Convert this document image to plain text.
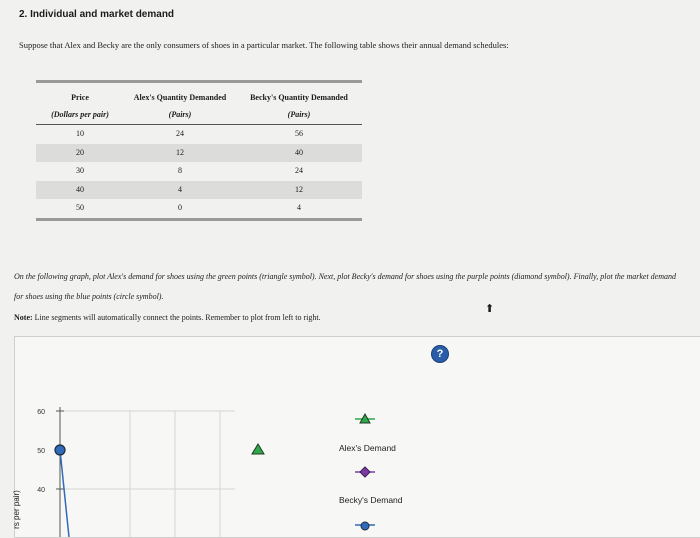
2. Individual and market demand
Suppose that Alex and Becky are the only consumers of shoes in a particular market. The following table shows their annual demand schedules:
Price
(Dollars per pair)
Alex's Quantity Demanded
(Pairs)
Becky's Quantity Demanded
(Pairs)
10	24	56
20	12	40
30	8	24
40	4	12
50	0	4
On the following graph, plot Alex's demand for shoes using the green points (triangle symbol). Next, plot Becky's demand for shoes using the purple points (diamond symbol). Finally, plot the market demand for shoes using the blue points (circle symbol).
Note: Line segments will automatically connect the points. Remember to plot from left to right.
⬆
?
60
50
40
Alex's Demand
Becky's Demand
rs per pair)
